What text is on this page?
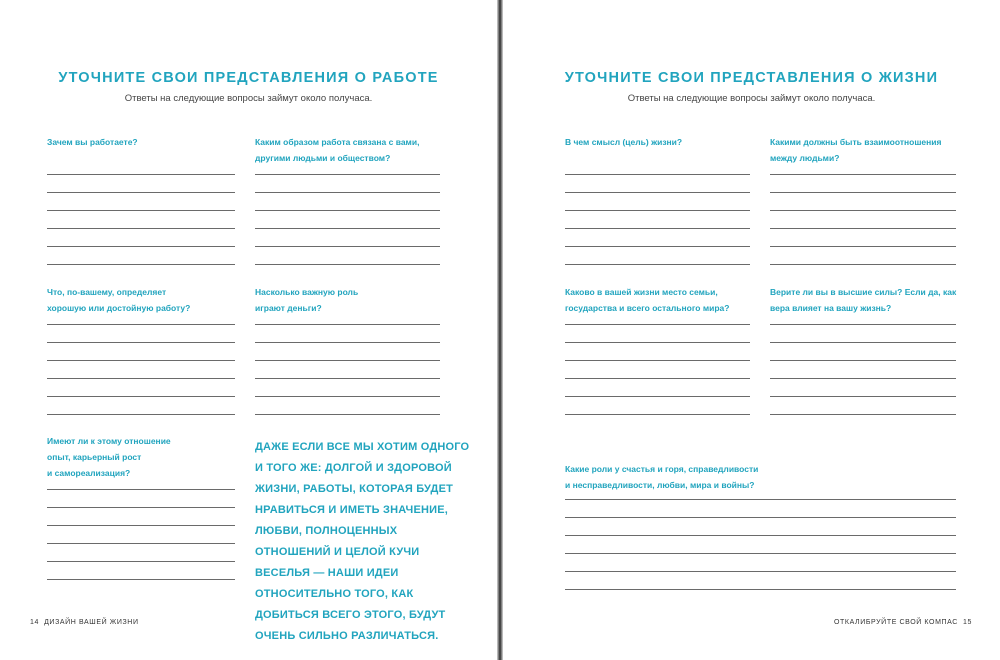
УТОЧНИТЕ СВОИ ПРЕДСТАВЛЕНИЯ О РАБОТЕ
Ответы на следующие вопросы займут около получаса.
Зачем вы работаете?	Каким образом работа связана с вами,
другими людьми и обществом?
Что, по-вашему, определяет
хорошую или достойную работу?
Насколько важную роль
играют деньги?
Имеют ли к этому отношение
опыт, карьерный рост
и самореализация?
ДАЖЕ ЕСЛИ ВСЕ МЫ ХОТИМ ОДНОГО И ТОГО ЖЕ: ДОЛГОЙ И ЗДОРОВОЙ ЖИЗНИ, РАБОТЫ, КОТОРАЯ БУДЕТ НРАВИТЬСЯ И ИМЕТЬ ЗНАЧЕНИЕ, ЛЮБВИ, ПОЛНОЦЕННЫХ ОТНОШЕНИЙ И ЦЕЛОЙ КУЧИ ВЕСЕЛЬЯ — НАШИ ИДЕИ ОТНОСИТЕЛЬНО ТОГО, КАК ДОБИТЬСЯ ВСЕГО ЭТОГО, БУДУТ ОЧЕНЬ СИЛЬНО РАЗЛИЧАТЬСЯ.
14 ДИЗАЙН ВАШЕЙ ЖИЗНИ
УТОЧНИТЕ СВОИ ПРЕДСТАВЛЕНИЯ О ЖИЗНИ
Ответы на следующие вопросы займут около получаса.
В чем смысл (цель) жизни?	Какими должны быть взаимоотношения
между людьми?
Каково в вашей жизни место семьи,
государства и всего остального мира?
Верите ли вы в высшие силы? Если да, как
вера влияет на вашу жизнь?
Какие роли у счастья и горя, справедливости
и несправедливости, любви, мира и войны?
ОТКАЛИБРУЙТЕ СВОЙ КОМПАС 15
